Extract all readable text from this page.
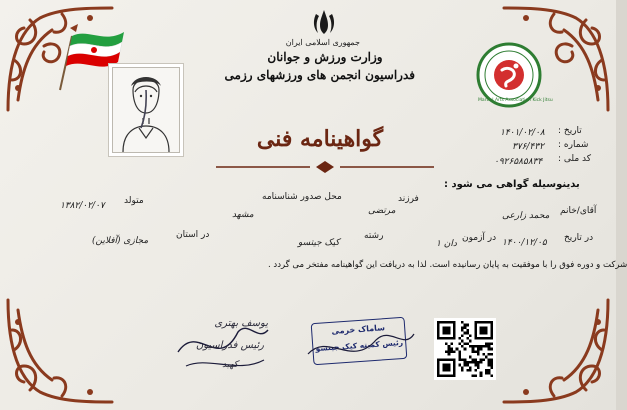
جمهوری اسلامی ایران
وزارت ورزش و جوانان
فدراسیون انجمن های ورزشهای رزمی
Martial Arts Association Kick Jitsu
تاریخ :
۱۴۰۱/۰۲/۰۸
شماره :
۳۷۶/۴۳۲
کد ملی :
۰۹۲۶۵۸۵۸۳۴
گواهینامه فنی
بدینوسیله گواهی می شود :
آقای/خانم
محمد زارعی
فرزند
مرتضی
محل صدور شناسنامه
مشهد
متولد
۱۳۸۲/۰۲/۰۷
در تاریخ
۱۴۰۰/۱۲/۰۵
در آزمون
دان ۱
رشته
کیک جیتسو
در استان
مجازی (آفلاین)
شرکت و دوره فوق را با موفقیت به پایان رسانیده است. لذا به دریافت این گواهینامه مفتخر می گردد .
یوسف بهتری
رئیس فدراسیون
کهبد
ساماک خرمی
رئیس کمیته کیک جیتسو
